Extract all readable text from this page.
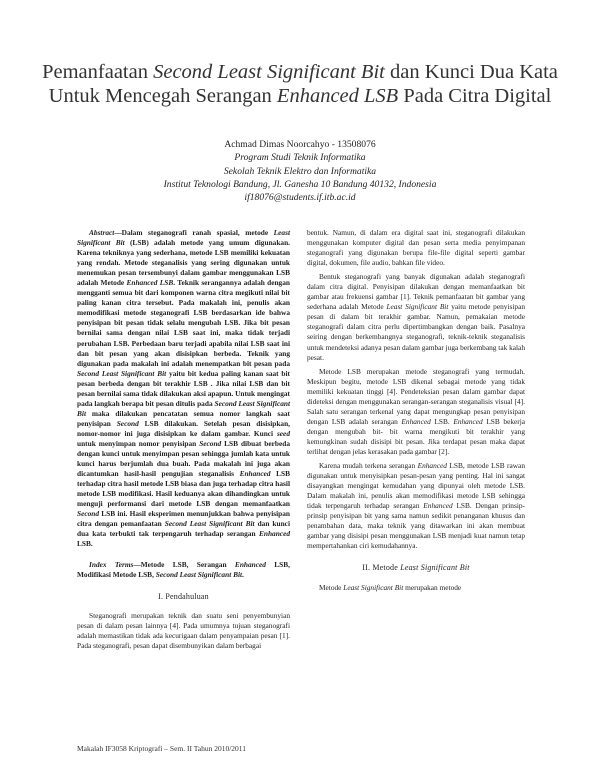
Pemanfaatan Second Least Significant Bit dan Kunci Dua Kata Untuk Mencegah Serangan Enhanced LSB Pada Citra Digital
Achmad Dimas Noorcahyo - 13508076
Program Studi Teknik Informatika
Sekolah Teknik Elektro dan Informatika
Institut Teknologi Bandung, Jl. Ganesha 10 Bandung 40132, Indonesia
if18076@students.if.itb.ac.id

Abstract—Dalam steganografi ranah spasial, metode Least Significant Bit (LSB) adalah metode yang umum digunakan. Karena tekniknya yang sederhana, metode LSB memiliki kekuatan yang rendah. Metode steganalisis yang sering digunakan untuk menemukan pesan tersembunyi dalam gambar menggunakan LSB adalah Metode Enhanced LSB. Teknik serangannya adalah dengan mengganti semua bit dari komponen warna citra megikuti nilai bit paling kanan citra tersebut. Pada makalah ini, penulis akan memodifikasi metode steganografi LSB berdasarkan ide bahwa penyisipan bit pesan tidak selalu mengubah LSB. Jika bit pesan bernilai sama dengan nilai LSB saat ini, maka tidak terjadi perubahan LSB. Perbedaan baru terjadi apabila nilai LSB saat ini dan bit pesan yang akan disisipkan berbeda. Teknik yang digunakan pada makalah ini adalah menempatkan bit pesan pada Second Least Significant Bit yaitu bit kedua paling kanan saat bit pesan berbeda dengan bit terakhir LSB . Jika nilai LSB dan bit pesan bernilai sama tidak dilakukan aksi apapun. Untuk mengingat pada langkah berapa bit pesan ditulis pada Second Least Significant Bit maka dilakukan pencatatan semua nomor langkah saat penyisipan Second LSB dilakukan. Setelah pesan disisipkan, nomor-nomor ini juga disisipkan ke dalam gambar. Kunci seed untuk menyimpan nomor penyisipan Second LSB dibuat berbeda dengan kunci untuk menyimpan pesan sehingga jumlah kata untuk kunci harus berjumlah dua buah. Pada makalah ini juga akan dicantumkan hasil-hasil pengujian steganalisis Enhanced LSB terhadap citra hasil metode LSB biasa dan juga terhadap citra hasil metode LSB modifikasi. Hasil keduanya akan dihandingkan untuk menguji performansi dari metode LSB dengan memanfaatkan Second LSB ini. Hasil eksperimen menunjukkan bahwa penyisipan citra dengan pemanfaatan Second Least Significant Bit dan kunci dua kata terbukti tak terpengaruh terhadap serangan Enhanced LSB.

Index Terms—Metode LSB, Serangan Enhanced LSB, Modifikasi Metode LSB, Second Least Significant Bit.

I. Pendahuluan

Steganografi merupakan teknik dan suatu seni penyembunyian pesan di dalam pesan lainnya [4]. Pada umumnya tujuan steganografi adalah memastikan tidak ada kecurigaan dalam penyampaian pesan [1]. Pada steganografi, pesan dapat disembunyikan dalam berbagai

bentuk. Namun, di dalam era digital saat ini, steganografi dilakukan menggunakan komputer digital dan pesan serta media penyimpanan steganografi yang digunakan berupa file-file digital seperti gambar digital, dokumen, file audio, bahkan file video.

Bentuk steganografi yang banyak digunakan adalah steganografi dalam citra digital. Penyisipan dilakukan dengan memanfaatkan bit gambar atau frekuensi gambar [1]. Teknik pemanfaatan bit gambar yang sederhana adalah Metode Least Significant Bit yaitu metode penyisipan pesan di dalam bit terakhir gambar. Namun, pemakaian metode steganografi dalam citra perlu dipertimbangkan dengan baik. Pasalnya seiring dengan berkembangnya steganografi, teknik-teknik steganalisis untuk mendeteksi adanya pesan dalam gambar juga berkembang tak kalah pesat.

Metode LSB merupakan metode steganografi yang termudah. Meskipun begitu, metode LSB dikenal sebagai metode yang tidak memiliki kekuatan tinggi [4]. Pendeteksian pesan dalam gambar dapat dideteksi dengan menggunakan serangan-serangan steganalisis visual [4]. Salah satu serangan terkenal yang dapat mengungkap pesan penyisipan dengan LSB adalah serangan Enhanced LSB. Enhanced LSB bekerja dengan mengubah bit- bit warna mengikuti bit terakhir yang kemungkinan sudah disisipi bit pesan. Jika terdapat pesan maka dapat terlihat dengan jelas kerasakan pada gambar [2].

Karena mudah terkena serangan Enhanced LSB, metode LSB rawan digunakan untuk menyisipkan pesan-pesan yang penting. Hal ini sangat disayangkan mengingat kemudahan yang dipunyai oleh metode LSB. Dalam makalah ini, penulis akan memodifikasi metode LSB sehingga tidak terpengaruh terhadap serangan Enhanced LSB. Dengan prinsip-prinsip penyisipan bit yang sama namun sedikit penanganan khusus dan penambahan data, maka teknik yang ditawarkan ini akan membuat gambar yang disisipi pesan menggunakan LSB menjadi kuat namun tetap mempertahankan ciri kemudahannya.

II. Metode Least Significant Bit

Metode Least Significant Bit merupakan metode

Makalah IF3058 Kriptografi – Sem. II Tahun 2010/2011
